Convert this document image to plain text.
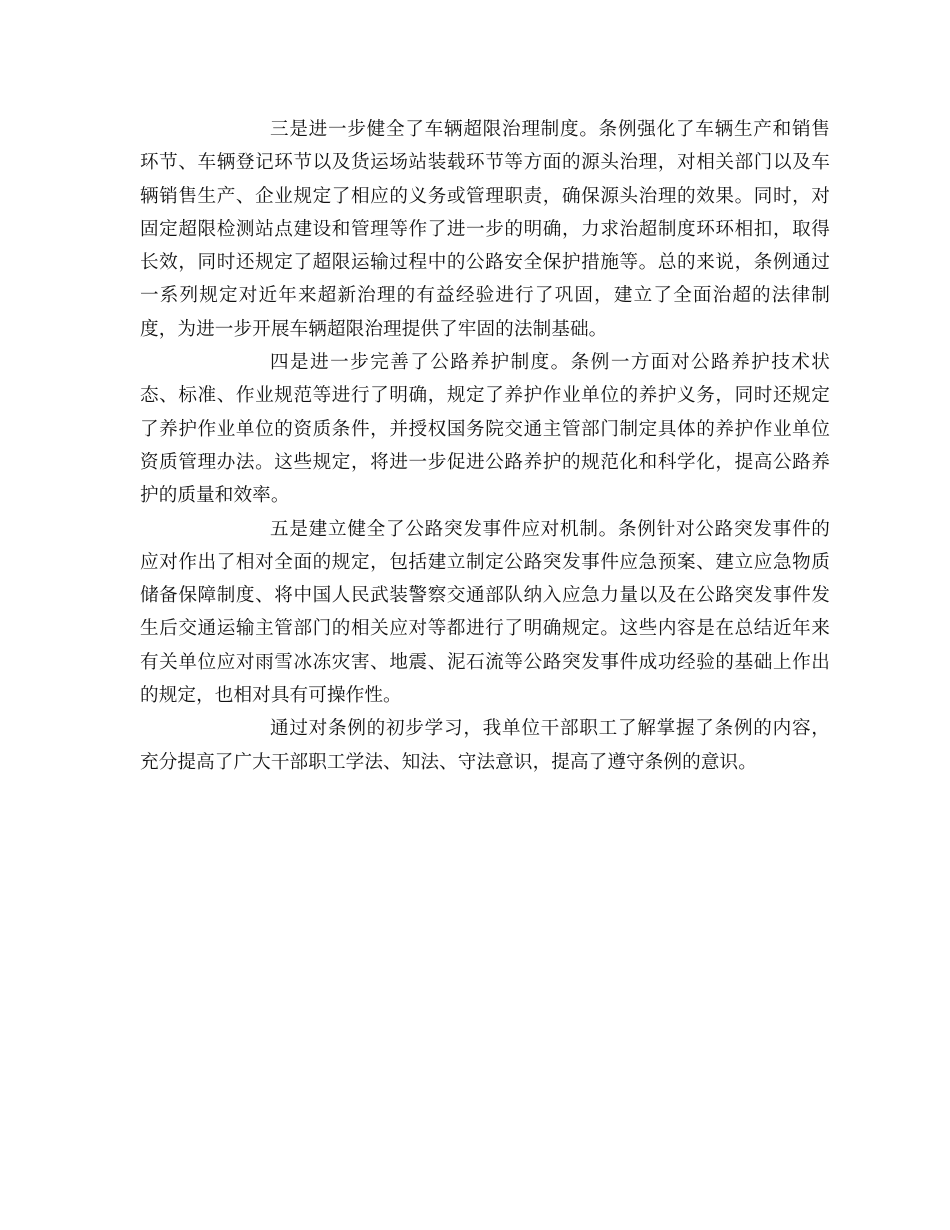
三是进一步健全了车辆超限治理制度。条例强化了车辆生产和销售环节、车辆登记环节以及货运场站装载环节等方面的源头治理，对相关部门以及车辆销售生产、企业规定了相应的义务或管理职责，确保源头治理的效果。同时，对固定超限检测站点建设和管理等作了进一步的明确，力求治超制度环环相扣，取得长效，同时还规定了超限运输过程中的公路安全保护措施等。总的来说，条例通过一系列规定对近年来超新治理的有益经验进行了巩固，建立了全面治超的法律制度，为进一步开展车辆超限治理提供了牢固的法制基础。

四是进一步完善了公路养护制度。条例一方面对公路养护技术状态、标准、作业规范等进行了明确，规定了养护作业单位的养护义务，同时还规定了养护作业单位的资质条件，并授权国务院交通主管部门制定具体的养护作业单位资质管理办法。这些规定，将进一步促进公路养护的规范化和科学化，提高公路养护的质量和效率。

五是建立健全了公路突发事件应对机制。条例针对公路突发事件的应对作出了相对全面的规定，包括建立制定公路突发事件应急预案、建立应急物质储备保障制度、将中国人民武装警察交通部队纳入应急力量以及在公路突发事件发生后交通运输主管部门的相关应对等都进行了明确规定。这些内容是在总结近年来有关单位应对雨雪冰冻灾害、地震、泥石流等公路突发事件成功经验的基础上作出的规定，也相对具有可操作性。

通过对条例的初步学习，我单位干部职工了解掌握了条例的内容，充分提高了广大干部职工学法、知法、守法意识，提高了遵守条例的意识。
